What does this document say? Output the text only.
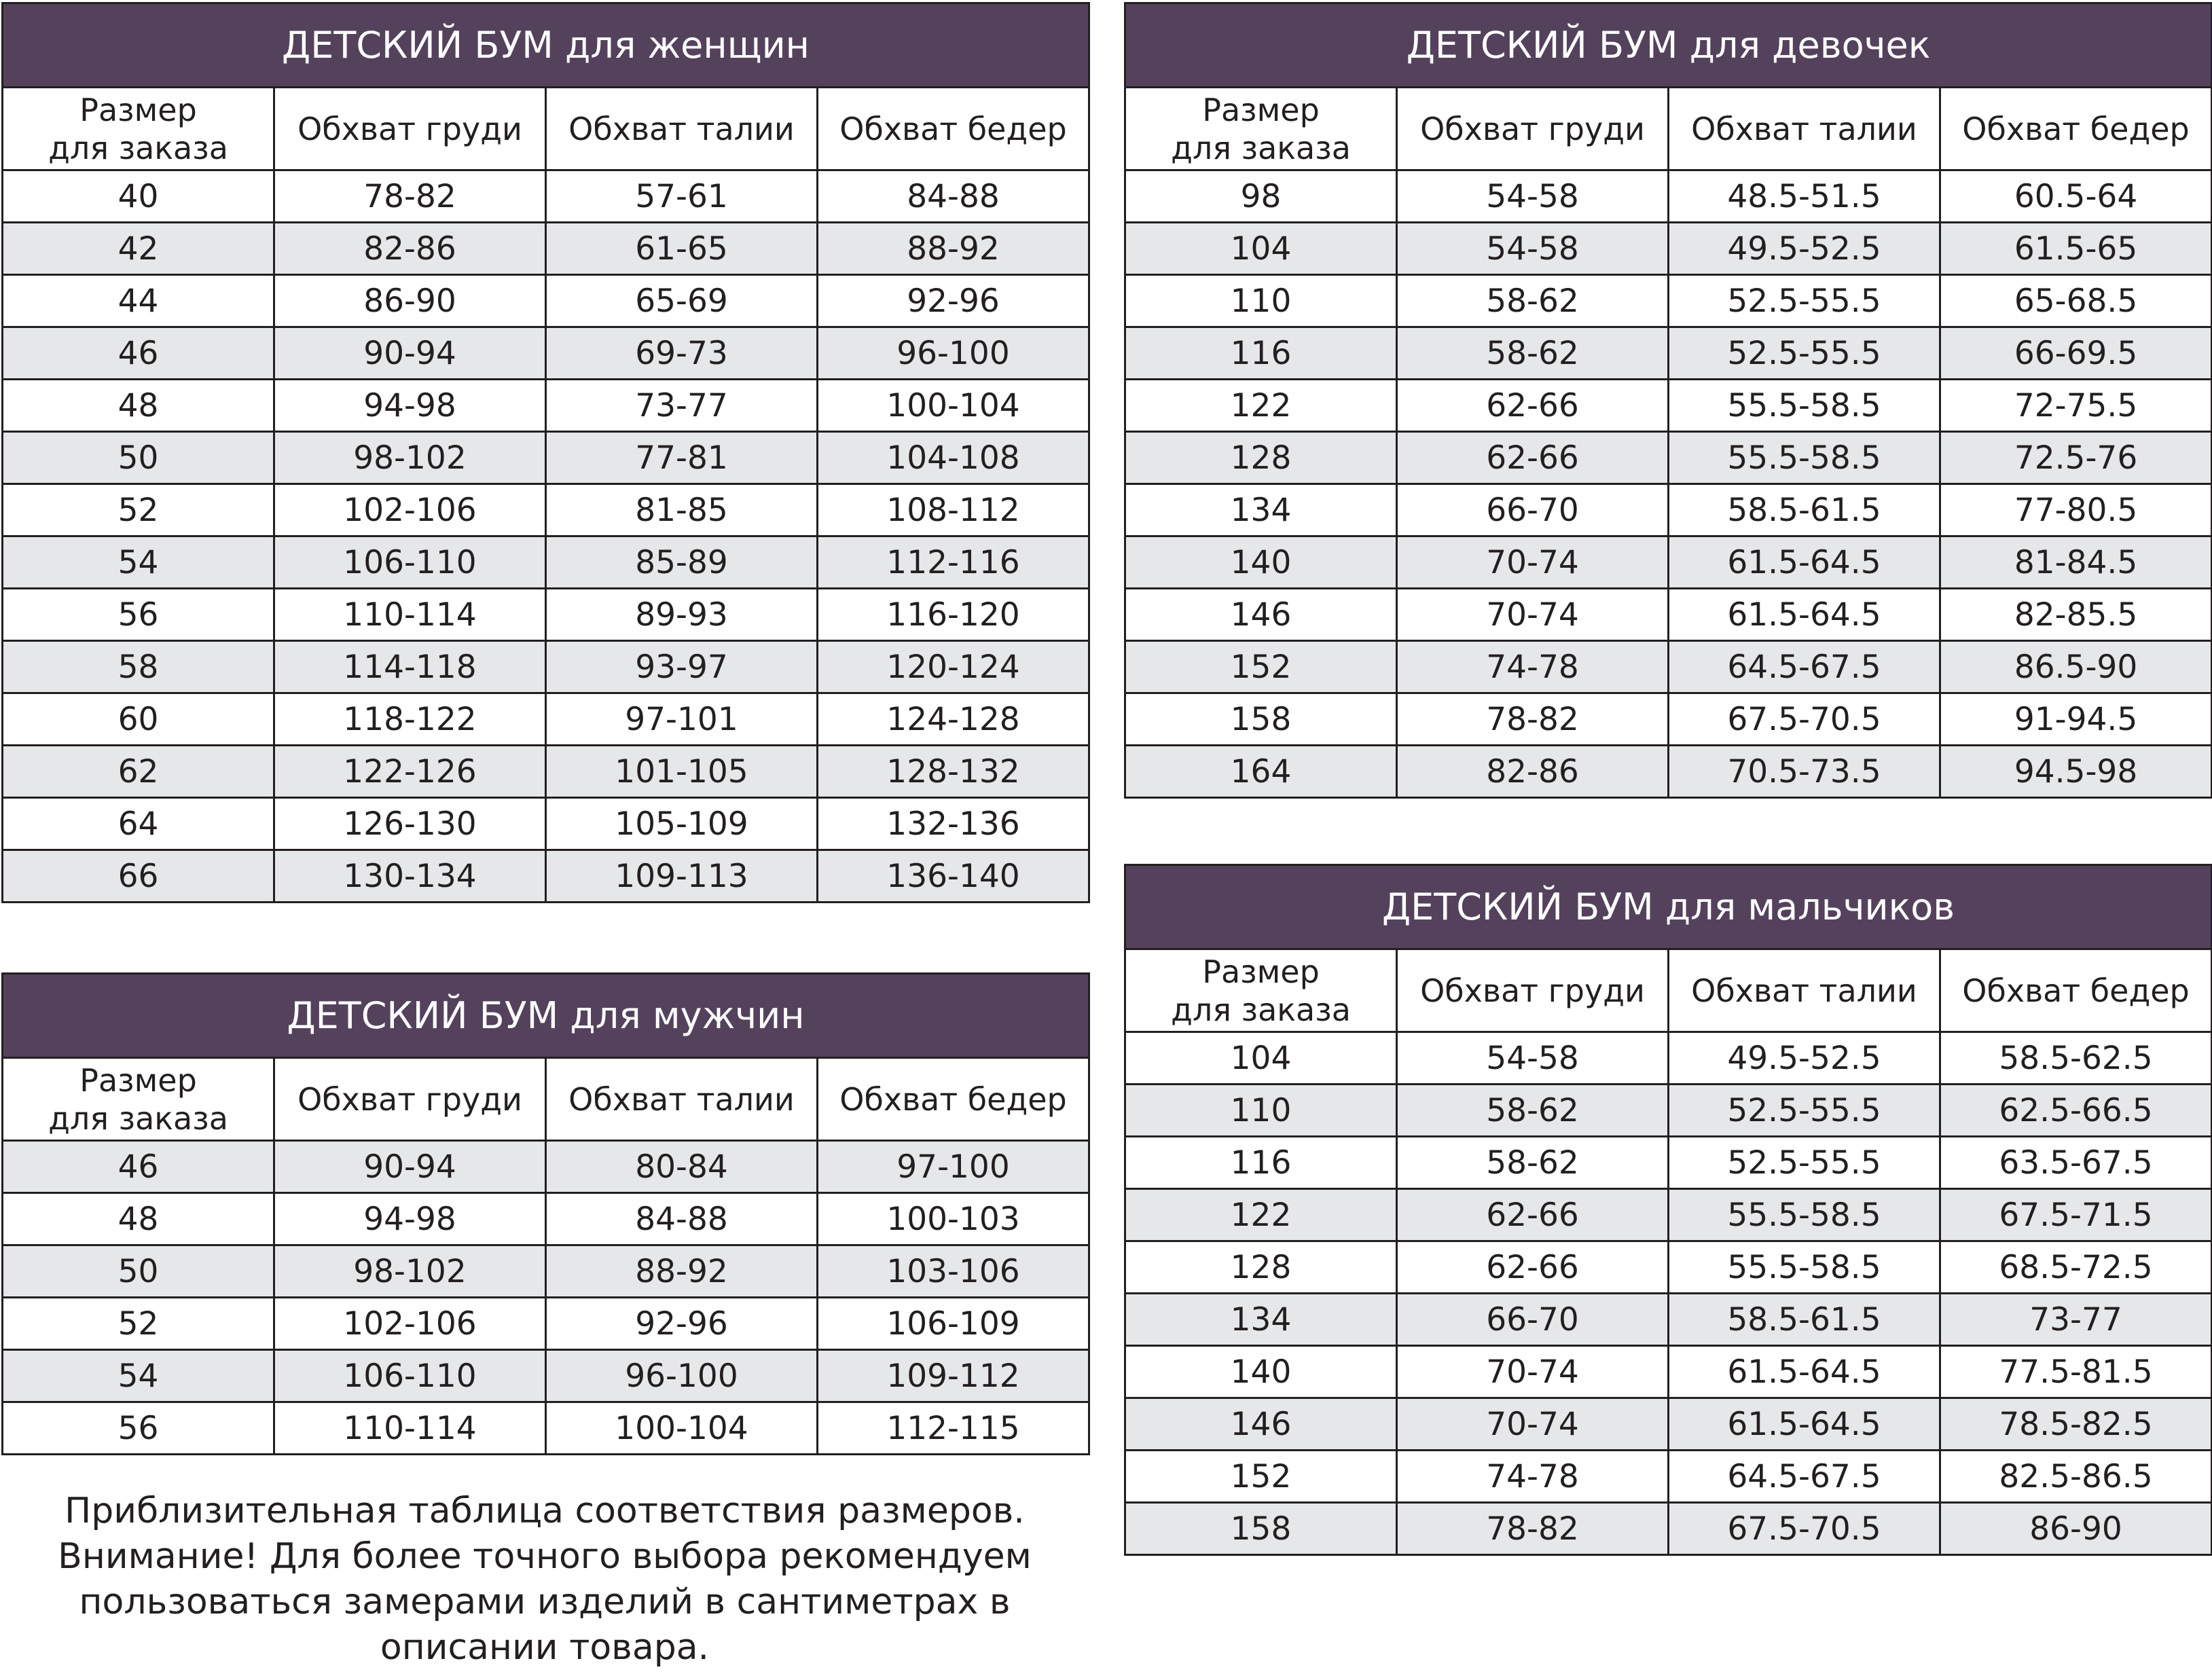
ДЕТСКИЙ БУМ для женщин			

Размер
для заказа	Обхват груди	Обхват талии	Обхват бедер
40	78-82	57-61	84-88
42	82-86	61-65	88-92
44	86-90	65-69	92-96
46	90-94	69-73	96-100
48	94-98	73-77	100-104
50	98-102	77-81	104-108
52	102-106	81-85	108-112
54	106-110	85-89	112-116
56	110-114	89-93	116-120
58	114-118	93-97	120-124
60	118-122	97-101	124-128
62	122-126	101-105	128-132
64	126-130	105-109	132-136
66	130-134	109-113	136-140
ДЕТСКИЙ БУМ для мужчин			

Размер
для заказа	Обхват груди	Обхват талии	Обхват бедер
46	90-94	80-84	97-100
48	94-98	84-88	100-103
50	98-102	88-92	103-106
52	102-106	92-96	106-109
54	106-110	96-100	109-112
56	110-114	100-104	112-115
ДЕТСКИЙ БУМ для девочек			

Размер
для заказа	Обхват груди	Обхват талии	Обхват бедер
98	54-58	48.5-51.5	60.5-64
104	54-58	49.5-52.5	61.5-65
110	58-62	52.5-55.5	65-68.5
116	58-62	52.5-55.5	66-69.5
122	62-66	55.5-58.5	72-75.5
128	62-66	55.5-58.5	72.5-76
134	66-70	58.5-61.5	77-80.5
140	70-74	61.5-64.5	81-84.5
146	70-74	61.5-64.5	82-85.5
152	74-78	64.5-67.5	86.5-90
158	78-82	67.5-70.5	91-94.5
164	82-86	70.5-73.5	94.5-98
ДЕТСКИЙ БУМ для мальчиков			

Размер
для заказа	Обхват груди	Обхват талии	Обхват бедер
104	54-58	49.5-52.5	58.5-62.5
110	58-62	52.5-55.5	62.5-66.5
116	58-62	52.5-55.5	63.5-67.5
122	62-66	55.5-58.5	67.5-71.5
128	62-66	55.5-58.5	68.5-72.5
134	66-70	58.5-61.5	73-77
140	70-74	61.5-64.5	77.5-81.5
146	70-74	61.5-64.5	78.5-82.5
152	74-78	64.5-67.5	82.5-86.5
158	78-82	67.5-70.5	86-90
Приблизительная таблица соответствия размеров.
Внимание! Для более точного выбора рекомендуем
пользоваться замерами изделий в сантиметрах в
описании товара.
